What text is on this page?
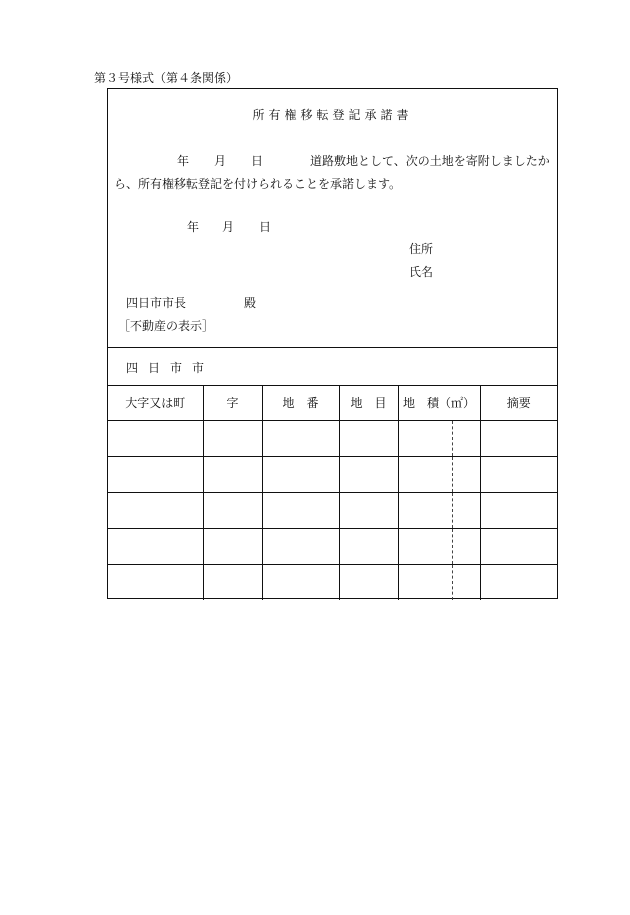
第３号様式（第４条関係）
所有権移転登記承諾書
年 月 日	道路敷地として、次の土地を寄附しましたか
ら、所有権移転登記を付けられることを承諾します。
年 月 日
住所
氏名
四日市市長	殿
［不動産の表示］
四日市市
大字又は町	字	地　番	地　目	地　積（㎡）	摘要
